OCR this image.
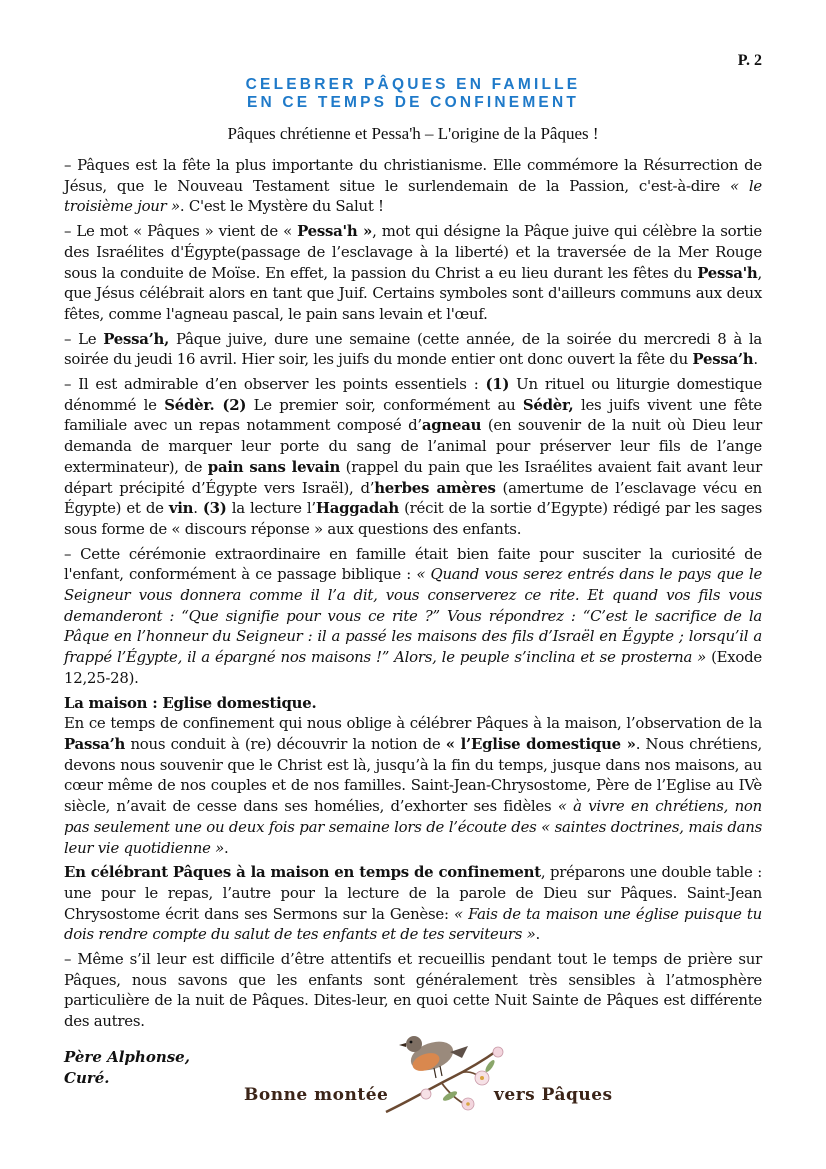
P. 2
CELEBRER PÂQUES EN FAMILLE
EN CE TEMPS DE CONFINEMENT
Pâques chrétienne et Pessa'h – L'origine de la Pâques !

– Pâques est la fête la plus importante du christianisme. Elle commémore la Résurrection de Jésus, que le Nouveau Testament situe le surlendemain de la Passion, c'est-à-dire « le troisième jour ». C'est le Mystère du Salut !

– Le mot « Pâques » vient de « Pessa'h », mot qui désigne la Pâque juive qui célèbre la sortie des Israélites d'Égypte(passage de l’esclavage à la liberté) et la traversée de la Mer Rouge sous la conduite de Moïse. En effet, la passion du Christ a eu lieu durant les fêtes du Pessa'h, que Jésus célébrait alors en tant que Juif. Certains symboles sont d'ailleurs communs aux deux fêtes, comme l'agneau pascal, le pain sans levain et l'œuf.

– Le Pessa’h, Pâque juive, dure une semaine (cette année, de la soirée du mercredi 8 à la soirée du jeudi 16 avril. Hier soir, les juifs du monde entier ont donc ouvert la fête du Pessa’h.

– Il est admirable d’en observer les points essentiels : (1) Un rituel ou liturgie domestique dénommé le Sédèr. (2) Le premier soir, conformément au Sédèr, les juifs vivent une fête familiale avec un repas notamment composé d’agneau (en souvenir de la nuit où Dieu leur demanda de marquer leur porte du sang de l’animal pour préserver leur fils de l’ange exterminateur), de pain sans levain (rappel du pain que les Israélites avaient fait avant leur départ précipité d’Égypte vers Israël), d’herbes amères (amertume de l’esclavage vécu en Égypte) et de vin. (3) la lecture l’Haggadah (récit de la sortie d’Egypte) rédigé par les sages sous forme de « discours réponse » aux questions des enfants.

– Cette cérémonie extraordinaire en famille était bien faite pour susciter la curiosité de l'enfant, conformément à ce passage biblique : « Quand vous serez entrés dans le pays que le Seigneur vous donnera comme il l’a dit, vous conserverez ce rite. Et quand vos fils vous demanderont : “Que signifie pour vous ce rite ?” Vous répondrez : “C’est le sacrifice de la Pâque en l’honneur du Seigneur : il a passé les maisons des fils d’Israël en Égypte ; lorsqu’il a frappé l’Égypte, il a épargné nos maisons !” Alors, le peuple s’inclina et se prosterna » (Exode 12,25-28).

La maison : Eglise domestique.

En ce temps de confinement qui nous oblige à célébrer Pâques à la maison, l’observation de la Passa’h nous conduit à (re) découvrir la notion de « l’Eglise domestique ». Nous chrétiens, devons nous souvenir que le Christ est là, jusqu’à la fin du temps, jusque dans nos maisons, au cœur même de nos couples et de nos familles. Saint-Jean-Chrysostome, Père de l’Eglise au IVè siècle, n’avait de cesse dans ses homélies, d’exhorter ses fidèles « à vivre en chrétiens, non pas seulement une ou deux fois par semaine lors de l’écoute des « saintes doctrines, mais dans leur vie quotidienne ».

En célébrant Pâques à la maison en temps de confinement, préparons une double table : une pour le repas, l’autre pour la lecture de la parole de Dieu sur Pâques. Saint-Jean Chrysostome écrit dans ses Sermons sur la Genèse: « Fais de ta maison une église puisque tu dois rendre compte du salut de tes enfants et de tes serviteurs ».

– Même s’il leur est difficile d’être attentifs et recueillis pendant tout le temps de prière sur Pâques, nous savons que les enfants sont généralement très sensibles à l’atmosphère particulière de la nuit de Pâques. Dites-leur, en quoi cette Nuit Sainte de Pâques est différente des autres.

Père Alphonse,
Curé.
Bonne montée	vers Pâques
